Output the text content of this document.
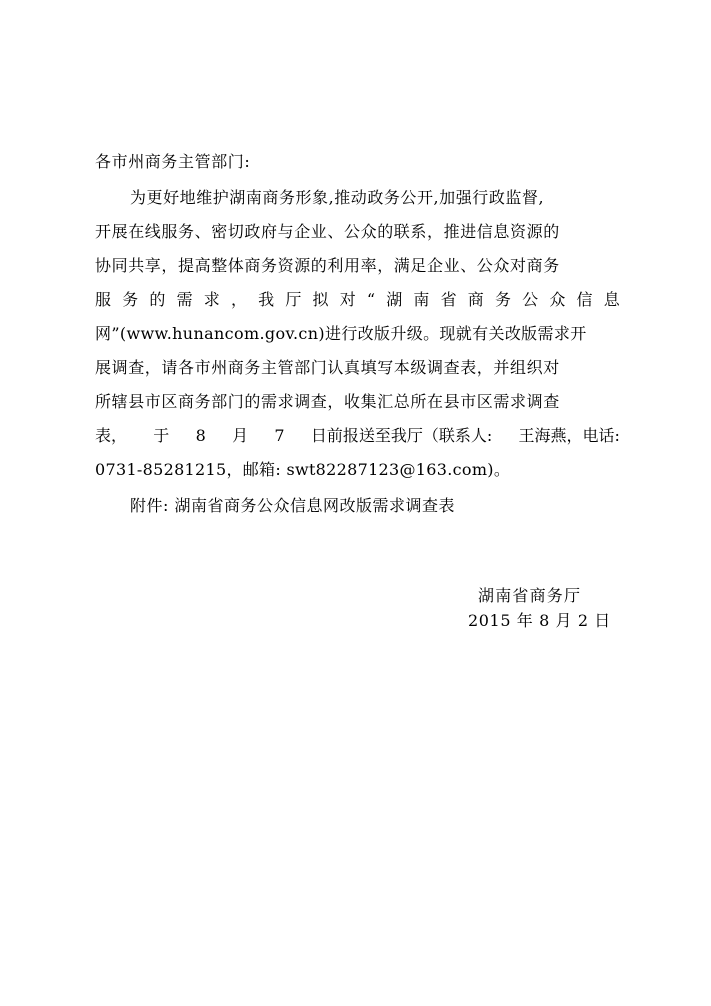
各市州商务主管部门:
为更好地维护湖南商务形象,推动政务公开,加强行政监督,
开展在线服务、密切政府与企业、公众的联系，推进信息资源的
协同共享，提高整体商务资源的利用率，满足企业、公众对商务
服 务 的 需 求 ， 我 厅 拟 对 “ 湖 南 省 商 务 公 众 信 息
网”(www.hunancom.gov.cn)进行改版升级。现就有关改版需求开
展调查，请各市州商务主管部门认真填写本级调查表，并组织对
所辖县市区商务部门的需求调查，收集汇总所在县市区需求调查
表， 于 8 月 7 日前报送至我厅（联系人: 王海燕，电话:
0731-85281215，邮箱: swt82287123@163.com)。
附件: 湖南省商务公众信息网改版需求调查表
湖南省商务厅
2015 年 8 月 2 日
